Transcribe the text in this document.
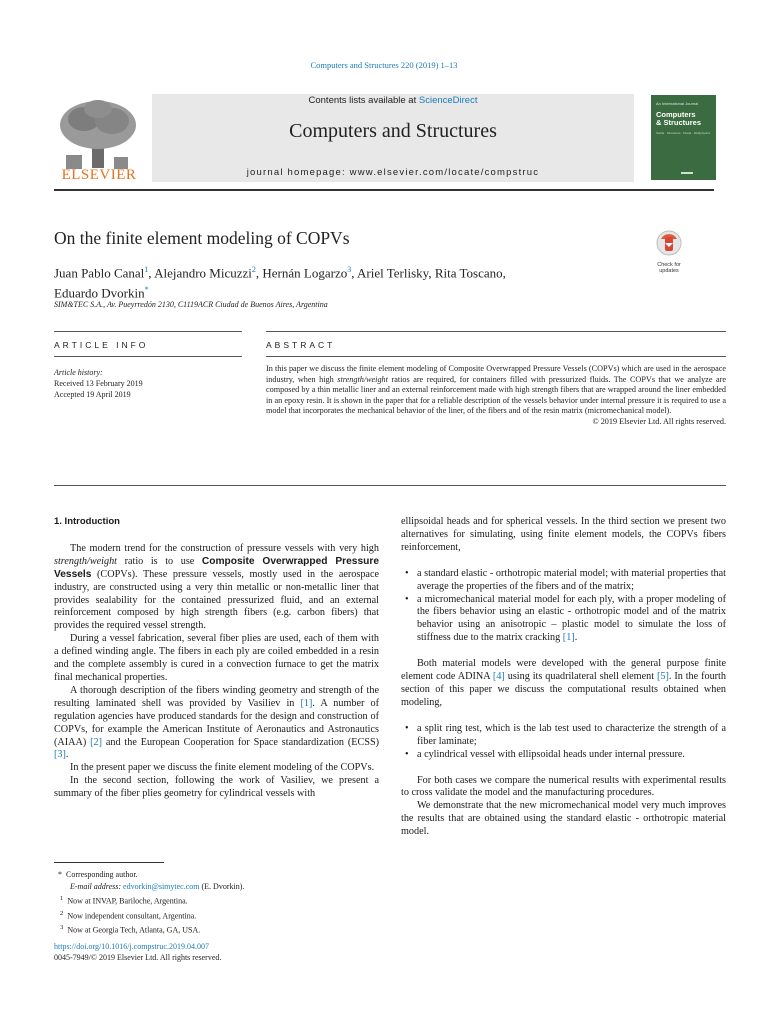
Computers and Structures 220 (2019) 1–13
ELSEVIER
Contents lists available at ScienceDirect
Computers and Structures
journal homepage: www.elsevier.com/locate/compstruc
An International Journal
Computers
& Structures
Solids · Structures · Fluids · Multiphysics
On the finite element modeling of COPVs
Check for updates
Juan Pablo Canal$^1$, Alejandro Micuzzi$^2$, Hernán Logarzo$^3$, Ariel Terlisky, Rita Toscano,
Eduardo Dvorkin*
SIM&TEC S.A., Av. Pueyrredón 2130, C1119ACR Ciudad de Buenos Aires, Argentina
ARTICLE INFO	ABSTRACT
Article history:
Received 13 February 2019
Accepted 19 April 2019
In this paper we discuss the finite element modeling of Composite Overwrapped Pressure Vessels (COPVs) which are used in the aerospace industry, when high strength/weight ratios are required, for containers filled with pressurized fluids. The COPVs that we analyze are composed by a thin metallic liner and an external reinforcement made with high strength fibers that are wrapped around the liner embedded in an epoxy resin. It is shown in the paper that for a reliable description of the vessels behavior under internal pressure it is required to use a model that incorporates the mechanical behavior of the liner, of the fibers and of the resin matrix (micromechanical model).
© 2019 Elsevier Ltd. All rights reserved.
1. Introduction

The modern trend for the construction of pressure vessels with very high strength/weight ratio is to use Composite Overwrapped Pressure Vessels (COPVs). These pressure vessels, mostly used in the aerospace industry, are constructed using a very thin metallic or non-metallic liner that provides sealability for the contained pressurized fluid, and an external reinforcement composed by high strength fibers (e.g. carbon fibers) that provides the required vessel strength.

During a vessel fabrication, several fiber plies are used, each of them with a defined winding angle. The fibers in each ply are coiled embedded in a resin and the complete assembly is cured in a convection furnace to get the matrix final mechanical properties.

A thorough description of the fibers winding geometry and strength of the resulting laminated shell was provided by Vasiliev in [1]. A number of regulation agencies have produced standards for the design and construction of COPVs, for example the American Institute of Aeronautics and Astronautics (AIAA) [2] and the European Cooperation for Space standardization (ECSS) [3].

In the present paper we discuss the finite element modeling of the COPVs.

In the second section, following the work of Vasiliev, we present a summary of the fiber plies geometry for cylindrical vessels with

*  Corresponding author.
E-mail address: edvorkin@simytec.com (E. Dvorkin).
$^1$ Now at INVAP, Bariloche, Argentina.
$^2$ Now independent consultant, Argentina.
$^3$ Now at Georgia Tech, Atlanta, GA, USA.
https://doi.org/10.1016/j.compstruc.2019.04.007
0045-7949/© 2019 Elsevier Ltd. All rights reserved.

ellipsoidal heads and for spherical vessels. In the third section we present two alternatives for simulating, using finite element models, the COPVs fibers reinforcement,

• a standard elastic - orthotropic material model; with material properties that average the properties of the fibers and of the matrix;
• a micromechanical material model for each ply, with a proper modeling of the fibers behavior using an elastic - orthotropic model and of the matrix behavior using an anisotropic – plastic model to simulate the loss of stiffness due to the matrix cracking [1].

Both material models were developed with the general purpose finite element code ADINA [4] using its quadrilateral shell element [5]. In the fourth section of this paper we discuss the computational results obtained when modeling,

• a split ring test, which is the lab test used to characterize the strength of a fiber laminate;
• a cylindrical vessel with ellipsoidal heads under internal pressure.

For both cases we compare the numerical results with experimental results to cross validate the model and the manufacturing procedures.

We demonstrate that the new micromechanical model very much improves the results that are obtained using the standard elastic - orthotropic material model.
